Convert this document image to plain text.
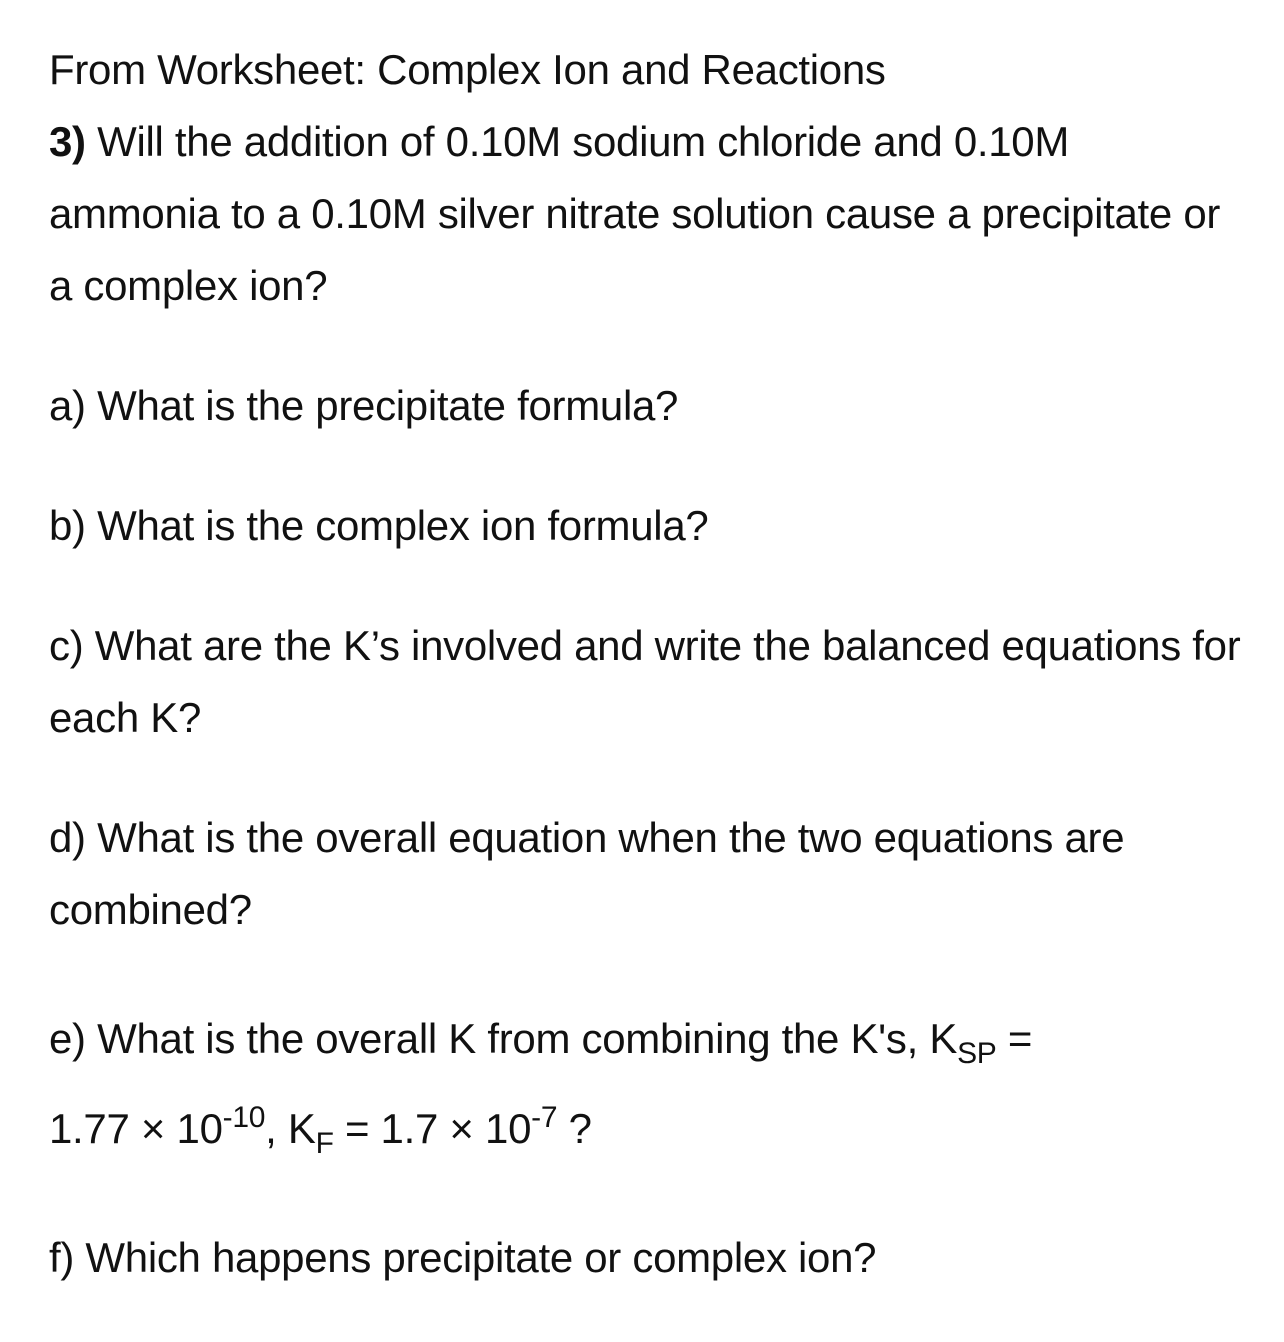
From Worksheet: Complex Ion and Reactions

3) Will the addition of 0.10M sodium chloride and 0.10M ammonia to a 0.10M silver nitrate solution cause a precipitate or a complex ion?

a) What is the precipitate formula?

b) What is the complex ion formula?

c) What are the K’s involved and write the balanced equations for each K?

d) What is the overall equation when the two equations are combined?

e) What is the overall K from combining the K's, $K_{SP}$ =
$1.77 \times 10^{-10}$, $K_F = 1.7 \times 10^{-7}$ ?

f) Which happens precipitate or complex ion?
